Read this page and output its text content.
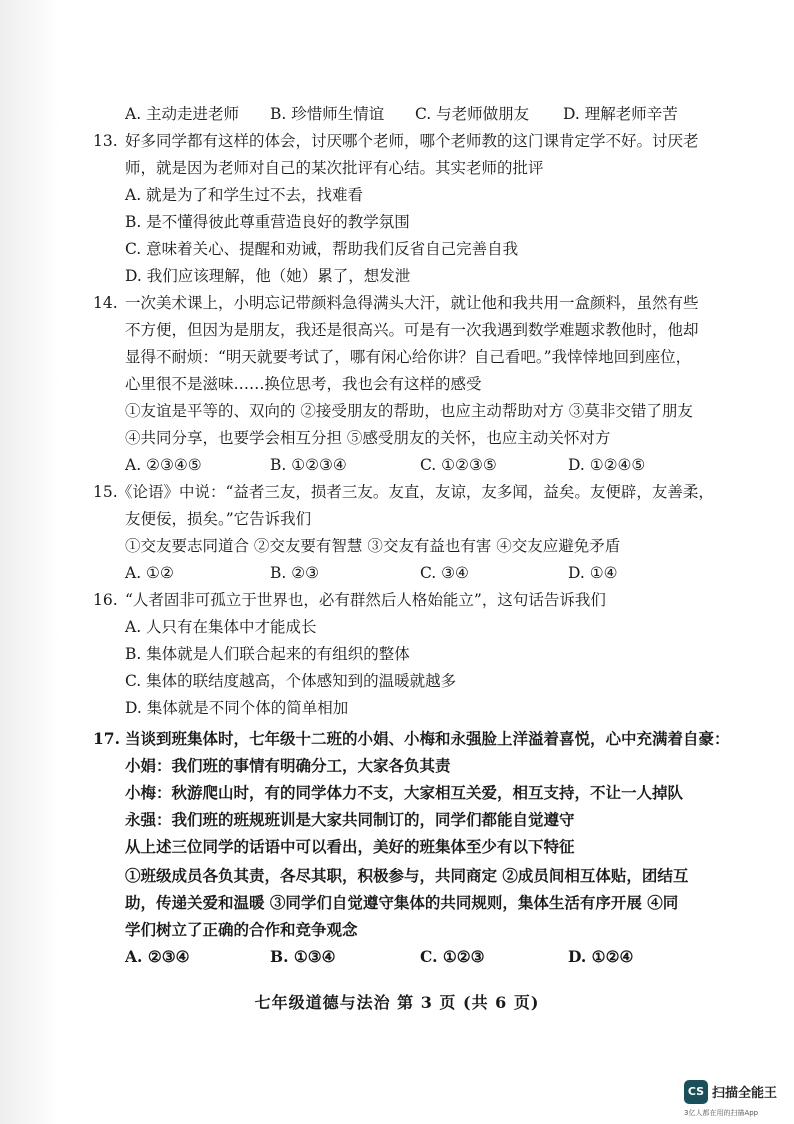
A. 主动走进老师 B. 珍惜师生情谊 C. 与老师做朋友 D. 理解老师辛苦
13. 好多同学都有这样的体会，讨厌哪个老师，哪个老师教的这门课肯定学不好。讨厌老
师，就是因为老师对自己的某次批评有心结。其实老师的批评
A. 就是为了和学生过不去，找难看
B. 是不懂得彼此尊重营造良好的教学氛围
C. 意味着关心、提醒和劝诫，帮助我们反省自己完善自我
D. 我们应该理解，他（她）累了，想发泄
14. 一次美术课上，小明忘记带颜料急得满头大汗，就让他和我共用一盒颜料，虽然有些
不方便，但因为是朋友，我还是很高兴。可是有一次我遇到数学难题求教他时，他却
显得不耐烦：“明天就要考试了，哪有闲心给你讲？自己看吧。”我悻悻地回到座位，
心里很不是滋味……换位思考，我也会有这样的感受
①友谊是平等的、双向的 ②接受朋友的帮助，也应主动帮助对方 ③莫非交错了朋友
④共同分享，也要学会相互分担 ⑤感受朋友的关怀，也应主动关怀对方
A. ②③④⑤	B. ①②③④	C. ①②③⑤	D. ①②④⑤
15. 《论语》中说：“益者三友，损者三友。友直，友谅，友多闻，益矣。友便辟，友善柔，
友便佞，损矣。”它告诉我们
①交友要志同道合 ②交友要有智慧 ③交友有益也有害 ④交友应避免矛盾
A. ①②	B. ②③	C. ③④	D. ①④
16. “人者固非可孤立于世界也，必有群然后人格始能立”，这句话告诉我们
A. 人只有在集体中才能成长
B. 集体就是人们联合起来的有组织的整体
C. 集体的联结度越高，个体感知到的温暖就越多
D. 集体就是不同个体的简单相加
17. 当谈到班集体时，七年级十二班的小娟、小梅和永强脸上洋溢着喜悦，心中充满着自豪：
小娟：我们班的事情有明确分工，大家各负其责
小梅：秋游爬山时，有的同学体力不支，大家相互关爱，相互支持，不让一人掉队
永强：我们班的班规班训是大家共同制订的，同学们都能自觉遵守
从上述三位同学的话语中可以看出，美好的班集体至少有以下特征
①班级成员各负其责，各尽其职，积极参与，共同商定 ②成员间相互体贴，团结互
助，传递关爱和温暖 ③同学们自觉遵守集体的共同规则，集体生活有序开展 ④同
学们树立了正确的合作和竞争观念
A. ②③④	B. ①③④	C. ①②③	D. ①②④
七年级道德与法治 第 3 页 (共 6 页)
CS 扫描全能王
3亿人都在用的扫描App
